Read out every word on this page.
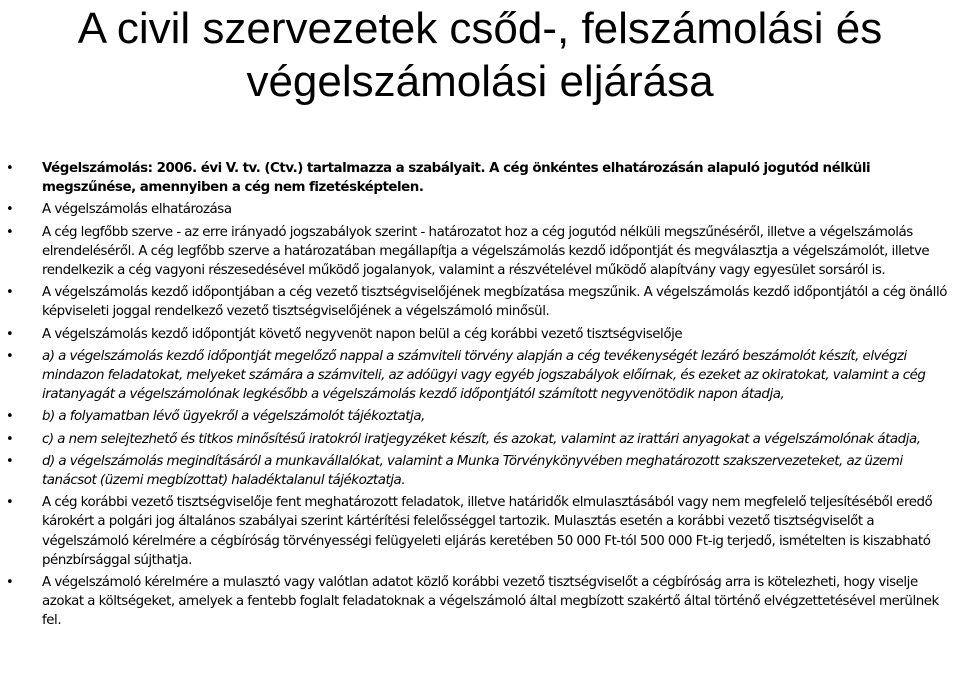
A civil szervezetek csőd-, felszámolási és végelszámolási eljárása
• Végelszámolás: 2006. évi V. tv. (Ctv.) tartalmazza a szabályait. A cég önkéntes elhatározásán alapuló jogutód nélküli megszűnése, amennyiben a cég nem fizetésképtelen.
• A végelszámolás elhatározása
• A cég legfőbb szerve - az erre irányadó jogszabályok szerint - határozatot hoz a cég jogutód nélküli megszűnéséről, illetve a végelszámolás elrendeléséről. A cég legfőbb szerve a határozatában megállapítja a végelszámolás kezdő időpontját és megválasztja a végelszámolót, illetve rendelkezik a cég vagyoni részesedésével működő jogalanyok, valamint a részvételével működő alapítvány vagy egyesület sorsáról is.
• A végelszámolás kezdő időpontjában a cég vezető tisztségviselőjének megbízatása megszűnik. A végelszámolás kezdő időpontjától a cég önálló képviseleti joggal rendelkező vezető tisztségviselőjének a végelszámoló minősül.
• A végelszámolás kezdő időpontját követő negyvenöt napon belül a cég korábbi vezető tisztségviselője
• a) a végelszámolás kezdő időpontját megelőző nappal a számviteli törvény alapján a cég tevékenységét lezáró beszámolót készít, elvégzi mindazon feladatokat, melyeket számára a számviteli, az adóügyi vagy egyéb jogszabályok előírnak, és ezeket az okiratokat, valamint a cég iratanyagát a végelszámolónak legkésőbb a végelszámolás kezdő időpontjától számított negyvenötödik napon átadja,
• b) a folyamatban lévő ügyekről a végelszámolót tájékoztatja,
• c) a nem selejtezhető és titkos minősítésű iratokról iratjegyzéket készít, és azokat, valamint az irattári anyagokat a végelszámolónak átadja,
• d) a végelszámolás megindításáról a munkavállalókat, valamint a Munka Törvénykönyvében meghatározott szakszervezeteket, az üzemi tanácsot (üzemi megbízottat) haladéktalanul tájékoztatja.
• A cég korábbi vezető tisztségviselője fent meghatározott feladatok, illetve határidők elmulasztásából vagy nem megfelelő teljesítéséből eredő károkért a polgári jog általános szabályai szerint kártérítési felelősséggel tartozik. Mulasztás esetén a korábbi vezető tisztségviselőt a végelszámoló kérelmére a cégbíróság törvényességi felügyeleti eljárás keretében 50 000 Ft-tól 500 000 Ft-ig terjedő, ismételten is kiszabható pénzbírsággal sújthatja.
• A végelszámoló kérelmére a mulasztó vagy valótlan adatot közlő korábbi vezető tisztségviselőt a cégbíróság arra is kötelezheti, hogy viselje azokat a költségeket, amelyek a fentebb foglalt feladatoknak a végelszámoló által megbízott szakértő által történő elvégzettetésével merülnek fel.
